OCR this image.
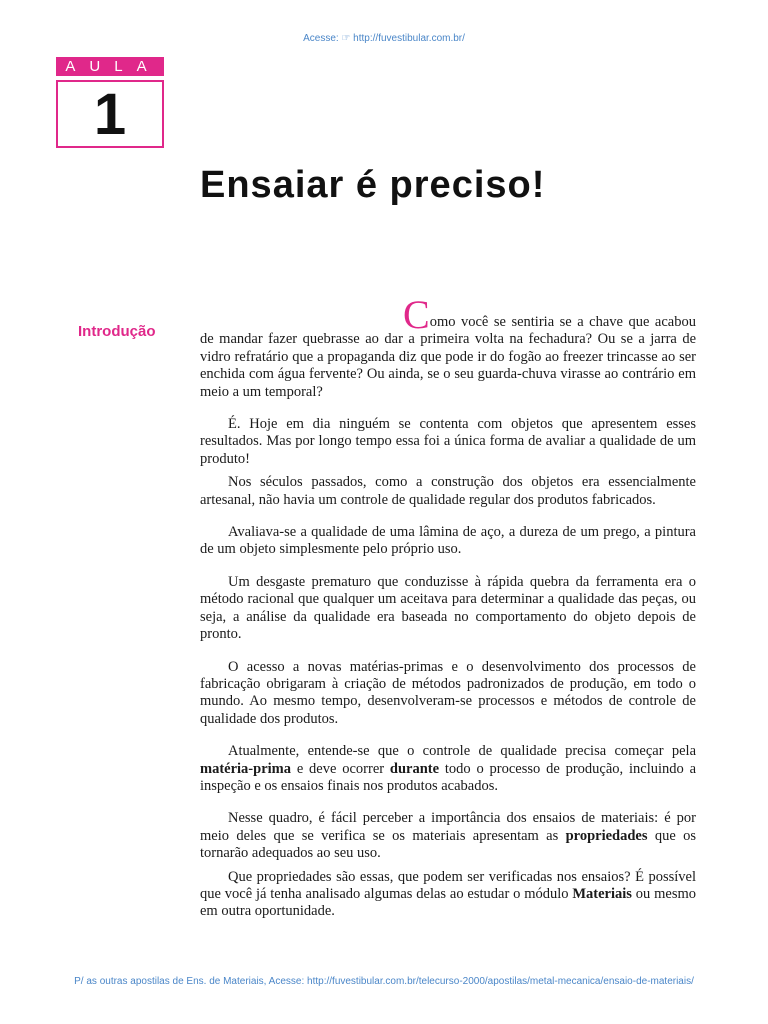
Acesse: ☞ http://fuvestibular.com.br/
AULA
1
Ensaiar é preciso!
Introdução	Como você se sentiria se a chave que acabou de mandar fazer quebrasse ao dar a primeira volta na fechadura? Ou se a jarra de vidro refratário que a propaganda diz que pode ir do fogão ao freezer trincasse ao ser enchida com água fervente? Ou ainda, se o seu guarda-chuva virasse ao contrário em meio a um temporal?

É. Hoje em dia ninguém se contenta com objetos que apresentem esses resultados. Mas por longo tempo essa foi a única forma de avaliar a qualidade de um produto!

Nos séculos passados, como a construção dos objetos era essencialmente artesanal, não havia um controle de qualidade regular dos produtos fabricados.

Avaliava-se a qualidade de uma lâmina de aço, a dureza de um prego, a pintura de um objeto simplesmente pelo próprio uso.

Um desgaste prematuro que conduzisse à rápida quebra da ferramenta era o método racional que qualquer um aceitava para determinar a qualidade das peças, ou seja, a análise da qualidade era baseada no comportamento do objeto depois de pronto.

O acesso a novas matérias-primas e o desenvolvimento dos processos de fabricação obrigaram à criação de métodos padronizados de produção, em todo o mundo. Ao mesmo tempo, desenvolveram-se processos e métodos de controle de qualidade dos produtos.

Atualmente, entende-se que o controle de qualidade precisa começar pela matéria-prima e deve ocorrer durante todo o processo de produção, incluindo a inspeção e os ensaios finais nos produtos acabados.

Nesse quadro, é fácil perceber a importância dos ensaios de materiais: é por meio deles que se verifica se os materiais apresentam as propriedades que os tornarão adequados ao seu uso.

Que propriedades são essas, que podem ser verificadas nos ensaios? É possível que você já tenha analisado algumas delas ao estudar o módulo Materiais ou mesmo em outra oportunidade.

P/ as outras apostilas de Ens. de Materiais, Acesse: http://fuvestibular.com.br/telecurso-2000/apostilas/metal-mecanica/ensaio-de-materiais/
